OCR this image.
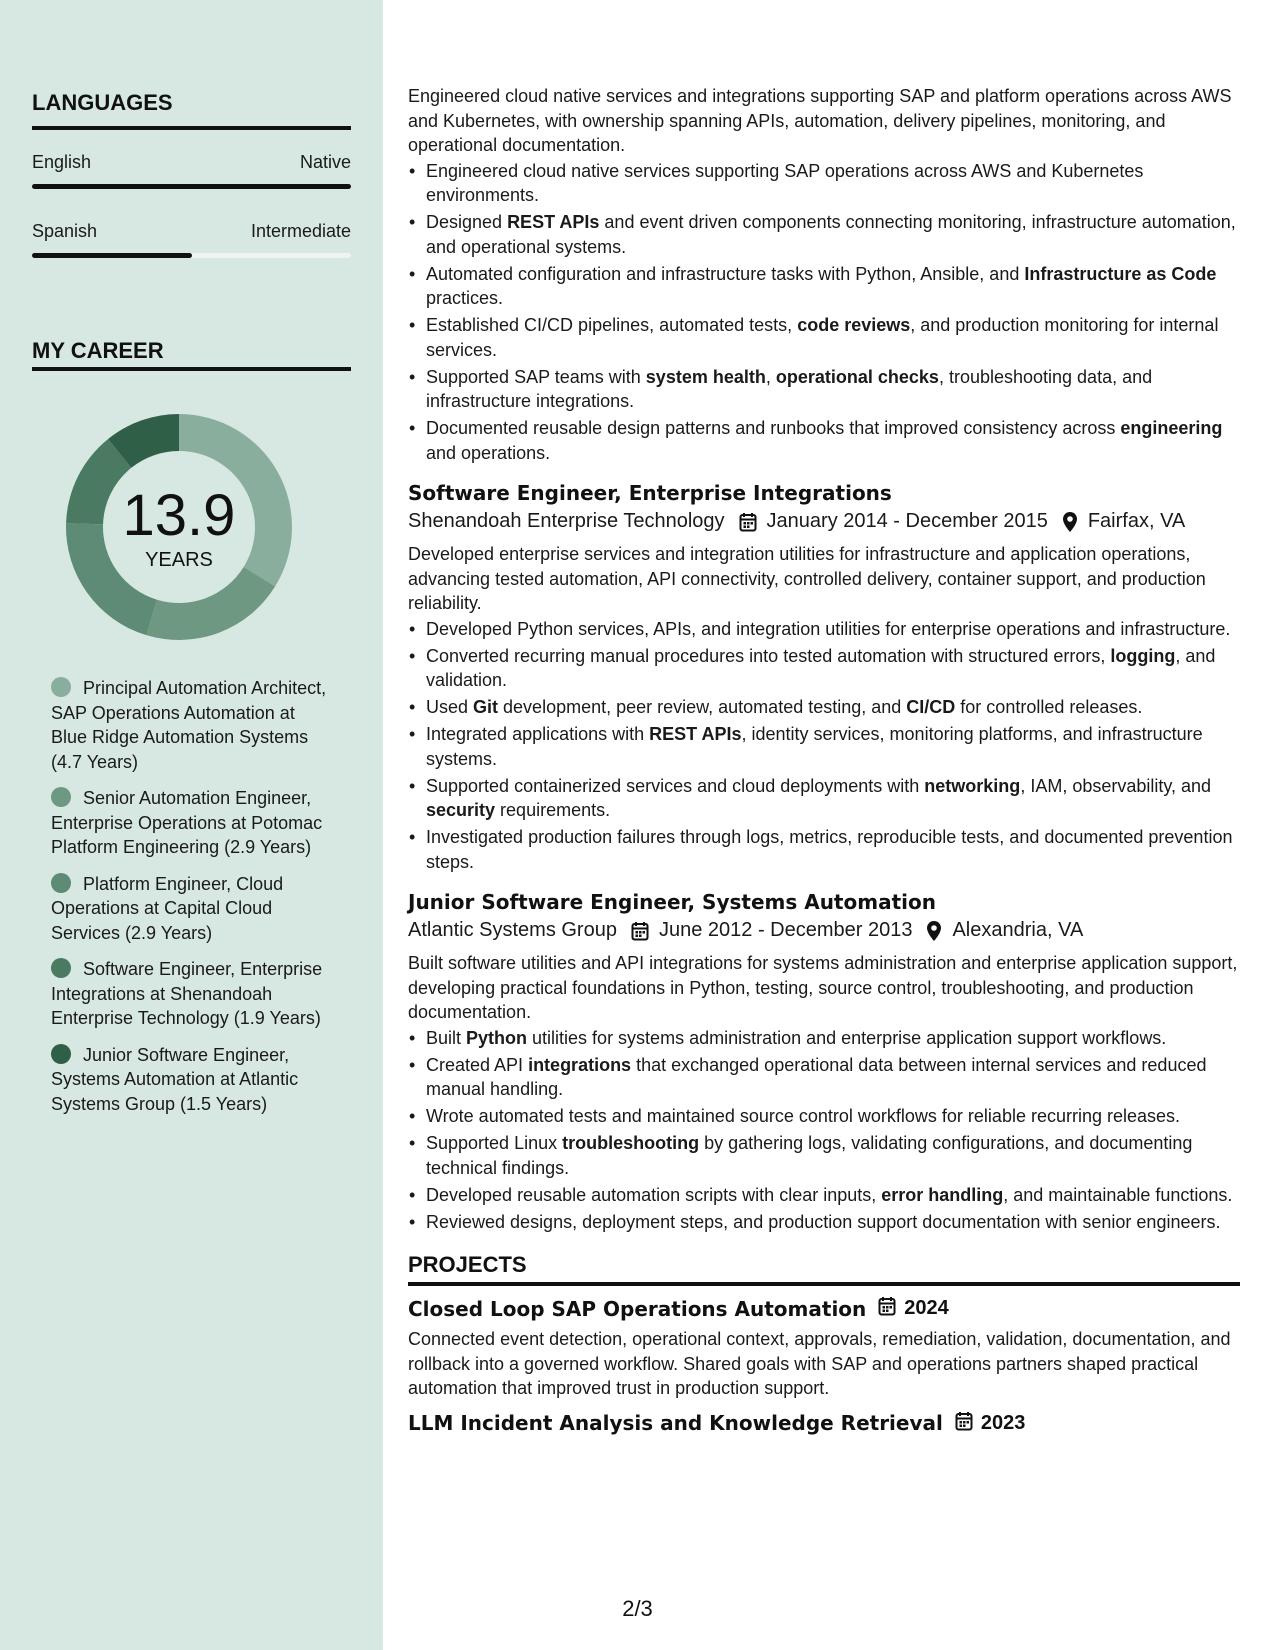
LANGUAGES
English	Native
Spanish	Intermediate
MY CAREER
13.9
YEARS
Principal Automation Architect, SAP Operations Automation at Blue Ridge Automation Systems (4.7 Years)
Senior Automation Engineer, Enterprise Operations at Potomac Platform Engineering (2.9 Years)
Platform Engineer, Cloud Operations at Capital Cloud Services (2.9 Years)
Software Engineer, Enterprise Integrations at Shenandoah Enterprise Technology (1.9 Years)
Junior Software Engineer, Systems Automation at Atlantic Systems Group (1.5 Years)
Engineered cloud native services and integrations supporting SAP and platform operations across AWS and Kubernetes, with ownership spanning APIs, automation, delivery pipelines, monitoring, and operational documentation.
• Engineered cloud native services supporting SAP operations across AWS and Kubernetes environments.
• Designed REST APIs and event driven components connecting monitoring, infrastructure automation, and operational systems.
• Automated configuration and infrastructure tasks with Python, Ansible, and Infrastructure as Code practices.
• Established CI/CD pipelines, automated tests, code reviews, and production monitoring for internal services.
• Supported SAP teams with system health, operational checks, troubleshooting data, and infrastructure integrations.
• Documented reusable design patterns and runbooks that improved consistency across engineering and operations.
Software Engineer, Enterprise Integrations
Shenandoah Enterprise Technology January 2014 - December 2015 Fairfax, VA
Developed enterprise services and integration utilities for infrastructure and application operations, advancing tested automation, API connectivity, controlled delivery, container support, and production reliability.
• Developed Python services, APIs, and integration utilities for enterprise operations and infrastructure.
• Converted recurring manual procedures into tested automation with structured errors, logging, and validation.
• Used Git development, peer review, automated testing, and CI/CD for controlled releases.
• Integrated applications with REST APIs, identity services, monitoring platforms, and infrastructure systems.
• Supported containerized services and cloud deployments with networking, IAM, observability, and security requirements.
• Investigated production failures through logs, metrics, reproducible tests, and documented prevention steps.
Junior Software Engineer, Systems Automation
Atlantic Systems Group June 2012 - December 2013 Alexandria, VA
Built software utilities and API integrations for systems administration and enterprise application support, developing practical foundations in Python, testing, source control, troubleshooting, and production documentation.
• Built Python utilities for systems administration and enterprise application support workflows.
• Created API integrations that exchanged operational data between internal services and reduced manual handling.
• Wrote automated tests and maintained source control workflows for reliable recurring releases.
• Supported Linux troubleshooting by gathering logs, validating configurations, and documenting technical findings.
• Developed reusable automation scripts with clear inputs, error handling, and maintainable functions.
• Reviewed designs, deployment steps, and production support documentation with senior engineers.
PROJECTS
Closed Loop SAP Operations Automation 2024
Connected event detection, operational context, approvals, remediation, validation, documentation, and rollback into a governed workflow. Shared goals with SAP and operations partners shaped practical automation that improved trust in production support.
LLM Incident Analysis and Knowledge Retrieval 2023
2/3
